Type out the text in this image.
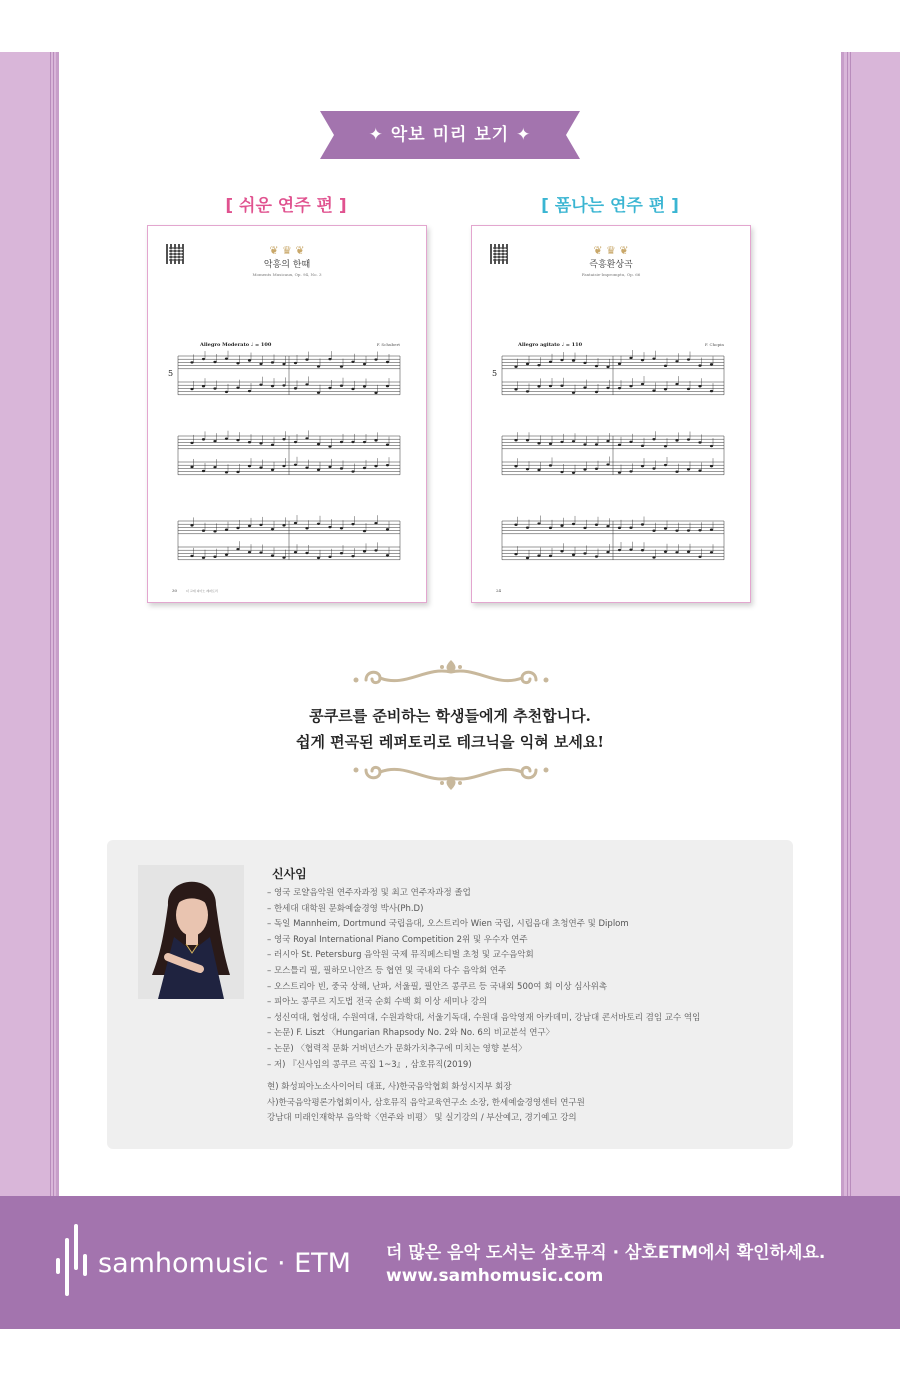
✦ 악보 미리 보기 ✦
[ 쉬운 연주 편 ]	[ 폼나는 연주 편 ]
❦ ♛ ❦
악흥의 한때
Moments Musicaux, Op. 94, No. 3
Allegro Moderato ♩ = 100	F. Schubert
5
30	더 교재 피아노 레퍼토리
❦ ♛ ❦
즉흥환상곡
Fantaisie-Impromptu, Op. 66
Allegro agitato ♩ = 110	F. Chopin
5
24
콩쿠르를 준비하는 학생들에게 추천합니다.
쉽게 편곡된 레퍼토리로 테크닉을 익혀 보세요!
신사임
– 영국 로얄음악원 연주자과정 및 최고 연주자과정 졸업
– 한세대 대학원 문화예술경영 박사(Ph.D)
– 독일 Mannheim, Dortmund 국립음대, 오스트리아 Wien 국립, 시립음대 초청연주 및 Diplom
– 영국 Royal International Piano Competition 2위 및 우수자 연주
– 러시아 St. Petersburg 음악원 국제 뮤직페스티벌 초청 및 교수음악회
– 모스틀리 필, 필하모니안즈 등 협연 및 국내외 다수 음악회 연주
– 오스트리아 빈, 중국 상해, 난파, 서울필, 필안즈 콩쿠르 등 국내외 500여 회 이상 심사위촉
– 피아노 콩쿠르 지도법 전국 순회 수백 회 이상 세미나 강의
– 성신여대, 협성대, 수원여대, 수원과학대, 서울기독대, 수원대 음악영재 아카데미, 강남대 콘서바토리 겸임 교수 역임
– 논문) F. Liszt 〈Hungarian Rhapsody No. 2와 No. 6의 비교분석 연구〉
– 논문) 〈협력적 문화 거버넌스가 문화가치추구에 미치는 영향 분석〉
– 저) 『신사임의 콩쿠르 곡집 1~3』, 삼호뮤직(2019)
현) 화성피아노소사이어티 대표, 사)한국음악협회 화성시지부 회장
사)한국음악평론가협회이사, 삼호뮤직 음악교육연구소 소장, 한세예술경영센터 연구원
강남대 미래인재학부 음악학〈연주와 비평〉 및 실기강의 / 부산예고, 경기예고 강의
samhomusic · ETM 더 많은 음악 도서는 삼호뮤직 · 삼호ETM에서 확인하세요.
www.samhomusic.com
